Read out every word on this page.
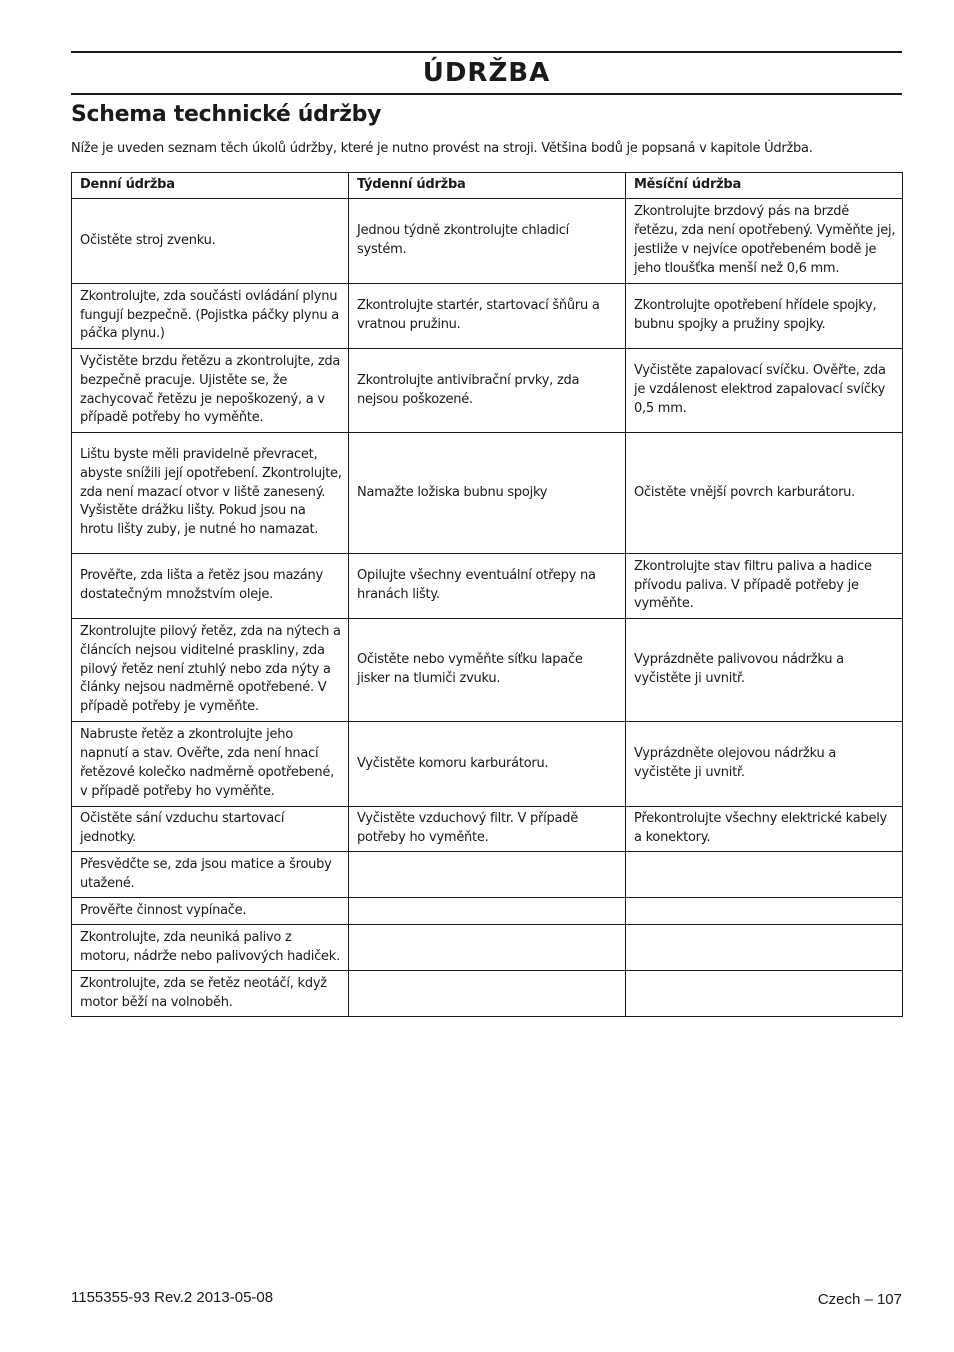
ÚDRŽBA
Schema technické údržby
Níže je uveden seznam těch úkolů údržby, které je nutno provést na stroji. Většina bodů je popsaná v kapitole Údržba.
Denní údržba	Týdenní údržba	Měsíční údržba
Očistěte stroj zvenku.	Jednou týdně zkontrolujte chladicí systém.	Zkontrolujte brzdový pás na brzdě řetězu, zda není opotřebený. Vyměňte jej, jestliže v nejvíce opotřebeném bodě je jeho tloušťka menší než 0,6 mm.
Zkontrolujte, zda součásti ovládání plynu fungují bezpečně. (Pojistka páčky plynu a páčka plynu.)	Zkontrolujte startér, startovací šňůru a vratnou pružinu.	Zkontrolujte opotřebení hřídele spojky, bubnu spojky a pružiny spojky.
Vyčistěte brzdu řetězu a zkontrolujte, zda bezpečně pracuje. Ujistěte se, že zachycovač řetězu je nepoškozený, a v případě potřeby ho vyměňte.	Zkontrolujte antivibrační prvky, zda nejsou poškozené.	Vyčistěte zapalovací svíčku. Ověřte, zda je vzdálenost elektrod zapalovací svíčky 0,5 mm.
Lištu byste měli pravidelně převracet, abyste snížili její opotřebení. Zkontrolujte, zda není mazací otvor v liště zanesený. Vyšistěte drážku lišty. Pokud jsou na hrotu lišty zuby, je nutné ho namazat.	Namažte ložiska bubnu spojky	Očistěte vnější povrch karburátoru.
Prověřte, zda lišta a řetěz jsou mazány dostatečným množstvím oleje.	Opilujte všechny eventuální otřepy na hranách lišty.	Zkontrolujte stav filtru paliva a hadice přívodu paliva. V případě potřeby je vyměňte.
Zkontrolujte pilový řetěz, zda na nýtech a článcích nejsou viditelné praskliny, zda pilový řetěz není ztuhlý nebo zda nýty a články nejsou nadměrně opotřebené. V případě potřeby je vyměňte.	Očistěte nebo vyměňte síťku lapače jisker na tlumiči zvuku.	Vyprázdněte palivovou nádržku a vyčistěte ji uvnitř.
Nabruste řetěz a zkontrolujte jeho napnutí a stav. Ověřte, zda není hnací řetězové kolečko nadměrně opotřebené, v případě potřeby ho vyměňte.	Vyčistěte komoru karburátoru.	Vyprázdněte olejovou nádržku a vyčistěte ji uvnitř.
Očistěte sání vzduchu startovací jednotky.	Vyčistěte vzduchový filtr. V případě potřeby ho vyměňte.	Překontrolujte všechny elektrické kabely a konektory.
Přesvědčte se, zda jsou matice a šrouby utažené.		
Prověřte činnost vypínače.		
Zkontrolujte, zda neuniká palivo z motoru, nádrže nebo palivových hadiček.		
Zkontrolujte, zda se řetěz neotáčí, když motor běží na volnoběh.		
1155355-93 Rev.2 2013-05-08	Czech – 107
